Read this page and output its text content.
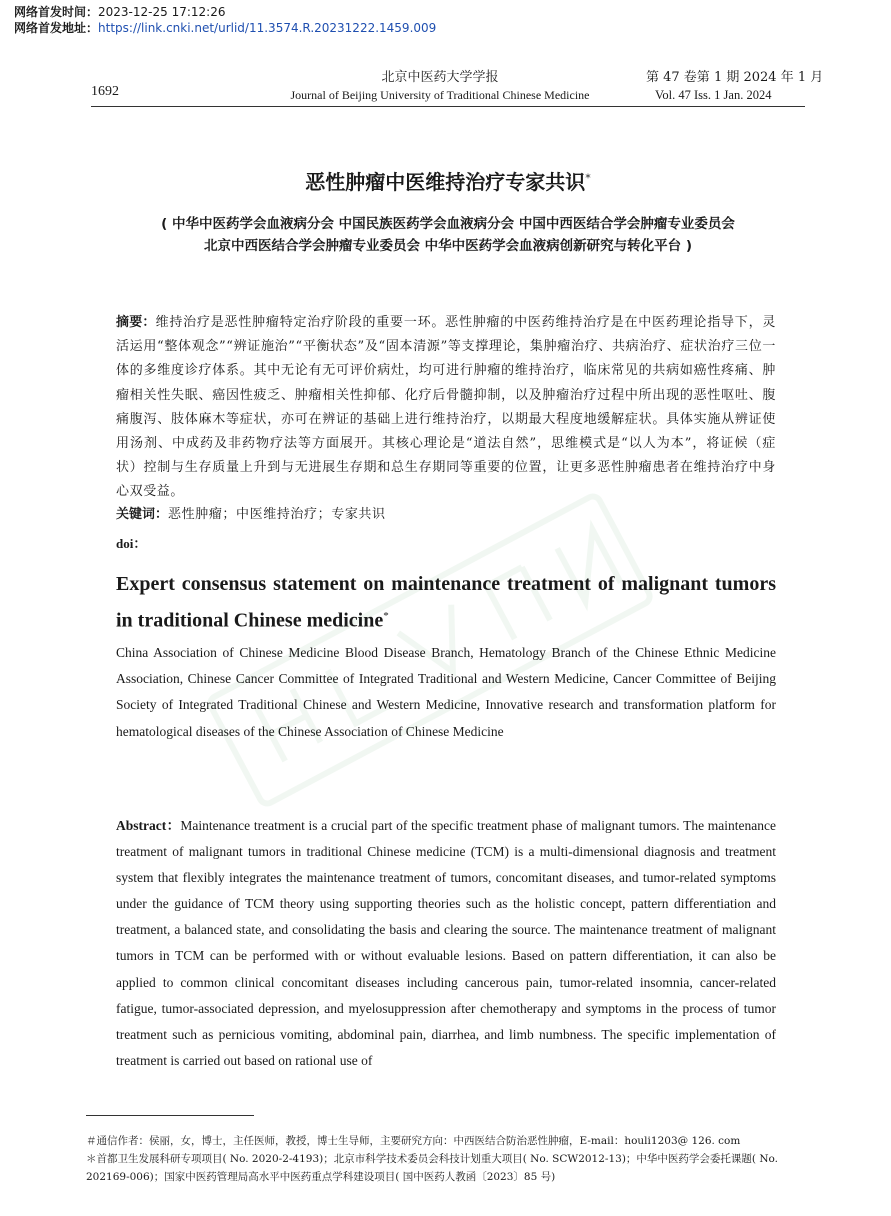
网络首发时间：2023-12-25 17:12:26
网络首发地址：https://link.cnki.net/urlid/11.3574.R.20231222.1459.009
1692
北京中医药大学学报
Journal of Beijing University of Traditional Chinese Medicine
第 47 卷第 1 期 2024 年 1 月
Vol. 47 Iss. 1 Jan. 2024
恶性肿瘤中医维持治疗专家共识*
( 中华中医药学会血液病分会 中国民族医药学会血液病分会 中国中西医结合学会肿瘤专业委员会
北京中西医结合学会肿瘤专业委员会 中华中医药学会血液病创新研究与转化平台 )
摘要：维持治疗是恶性肿瘤特定治疗阶段的重要一环。恶性肿瘤的中医药维持治疗是在中医药理论指导下，灵活运用“整体观念”“辨证施治”“平衡状态”及“固本清源”等支撑理论，集肿瘤治疗、共病治疗、症状治疗三位一体的多维度诊疗体系。其中无论有无可评价病灶，均可进行肿瘤的维持治疗，临床常见的共病如癌性疼痛、肿瘤相关性失眠、癌因性疲乏、肿瘤相关性抑郁、化疗后骨髓抑制，以及肿瘤治疗过程中所出现的恶性呕吐、腹痛腹泻、肢体麻木等症状，亦可在辨证的基础上进行维持治疗，以期最大程度地缓解症状。具体实施从辨证使用汤剂、中成药及非药物疗法等方面展开。其核心理论是“道法自然”，思维模式是“以人为本”，将证候（症状）控制与生存质量上升到与无进展生存期和总生存期同等重要的位置，让更多恶性肿瘤患者在维持治疗中身心双受益。
关键词：恶性肿瘤；中医维持治疗；专家共识
doi：
Expert consensus statement on maintenance treatment of malignant tumors in traditional Chinese medicine*
China Association of Chinese Medicine Blood Disease Branch, Hematology Branch of the Chinese Ethnic Medicine Association, Chinese Cancer Committee of Integrated Traditional and Western Medicine, Cancer Committee of Beijing Society of Integrated Traditional Chinese and Western Medicine, Innovative research and transformation platform for hematological diseases of the Chinese Association of Chinese Medicine
Abstract：Maintenance treatment is a crucial part of the specific treatment phase of malignant tumors. The maintenance treatment of malignant tumors in traditional Chinese medicine (TCM) is a multi-dimensional diagnosis and treatment system that flexibly integrates the maintenance treatment of tumors, concomitant diseases, and tumor-related symptoms under the guidance of TCM theory using supporting theories such as the holistic concept, pattern differentiation and treatment, a balanced state, and consolidating the basis and clearing the source. The maintenance treatment of malignant tumors in TCM can be performed with or without evaluable lesions. Based on pattern differentiation, it can also be applied to common clinical concomitant diseases including cancerous pain, tumor-related insomnia, cancer-related fatigue, tumor-associated depression, and myelosuppression after chemotherapy and symptoms in the process of tumor treatment such as pernicious vomiting, abdominal pain, diarrhea, and limb numbness. The specific implementation of treatment is carried out based on rational use of
＃通信作者：侯丽，女，博士，主任医师，教授，博士生导师，主要研究方向：中西医结合防治恶性肿瘤，E-mail：houli1203@ 126. com
＊首都卫生发展科研专项项目( No. 2020-2-4193)；北京市科学技术委员会科技计划重大项目( No. SCW2012-13)；中华中医药学会委托课题( No. 202169-006)；国家中医药管理局高水平中医药重点学科建设项目( 国中医药人教函〔2023〕85 号)
